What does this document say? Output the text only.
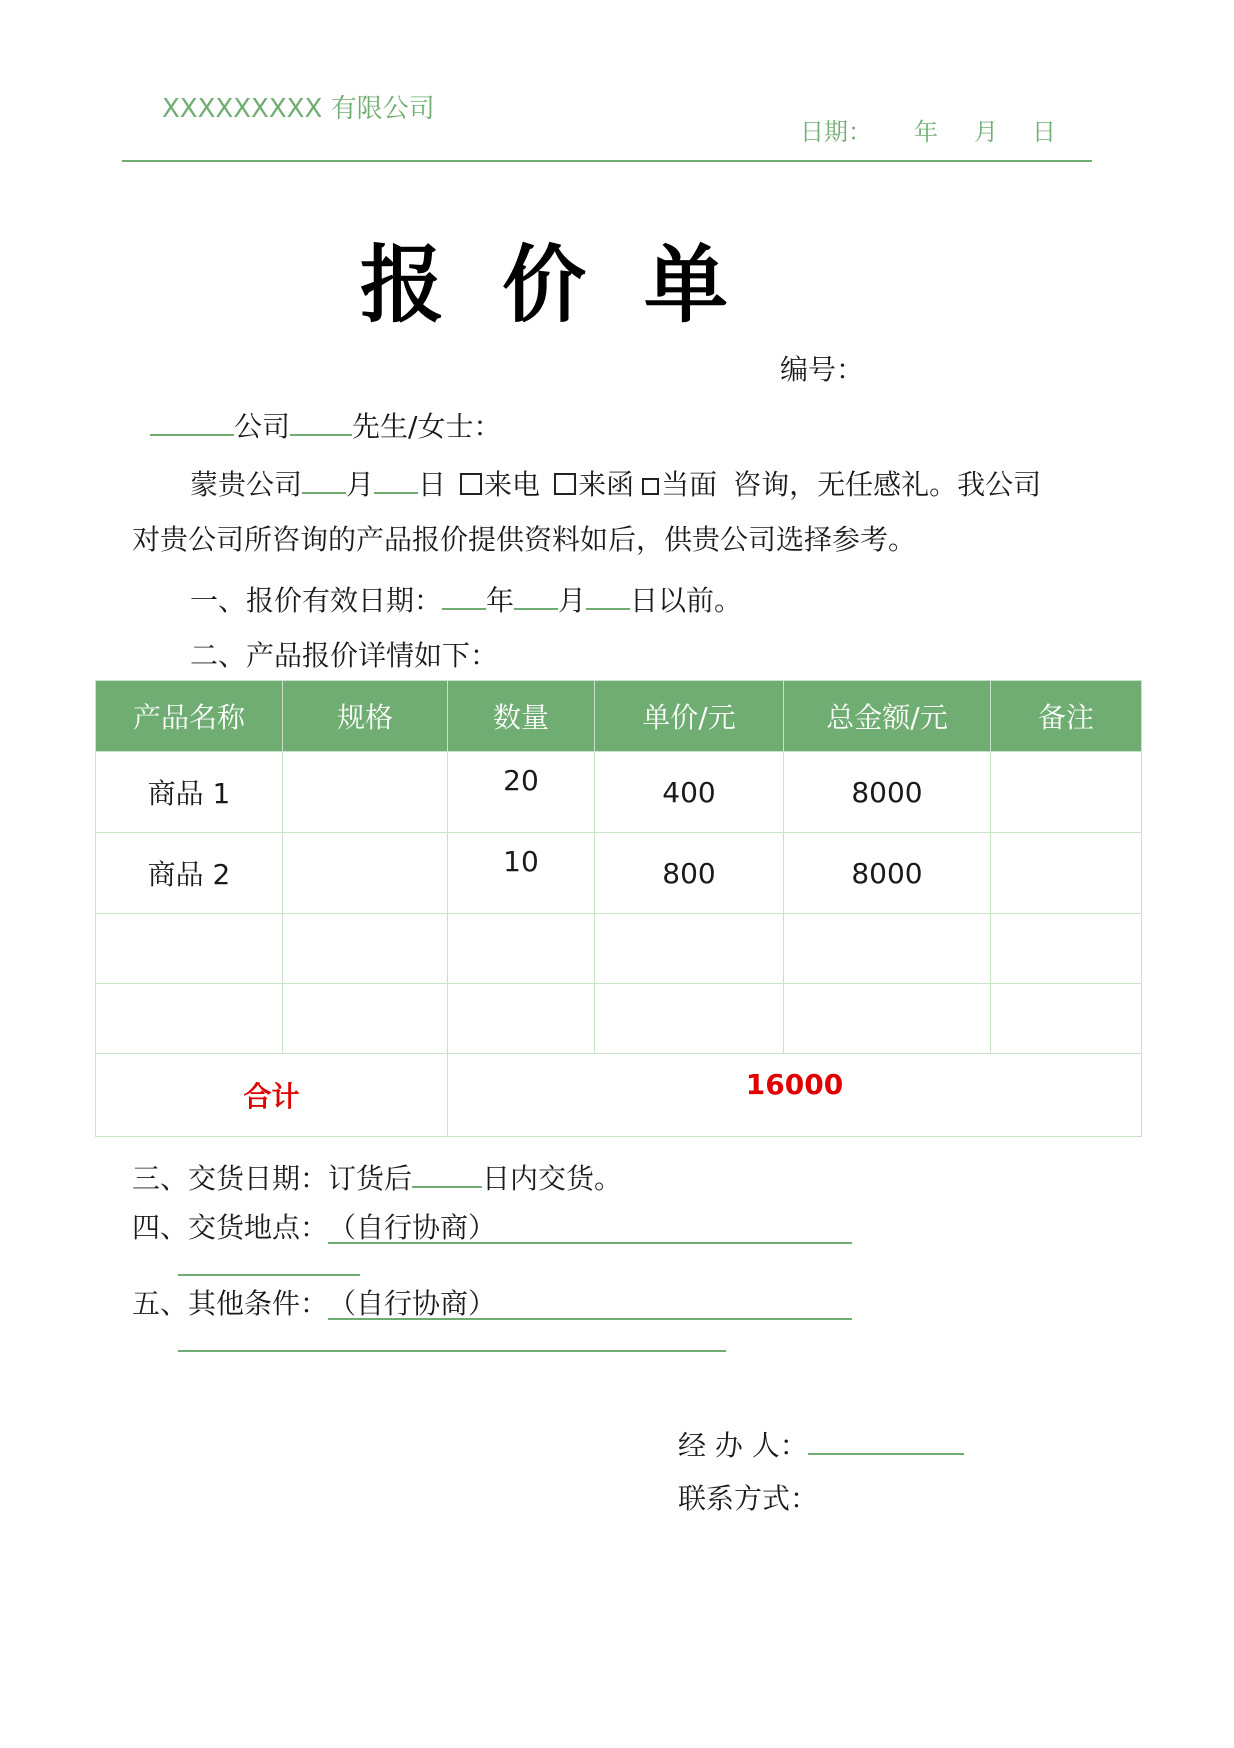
XXXXXXXXX 有限公司
日期： 年 月 日
报 价 单
编号：
公司 先生/女士：
蒙贵公司 月 日 来电 来函 当面 咨询，无任感礼。我公司
对贵公司所咨询的产品报价提供资料如后，供贵公司选择参考。
一、报价有效日期： 年 月 日以前。
二、产品报价详情如下：
产品名称	规格	数量	单价/元	总金额/元	备注
商品 1		20	400	8000	
商品 2		10	800	8000	

合计		16000			
三、交货日期：订货后	日内交货。
四、交货地点：（自行协商）
五、其他条件：（自行协商）
经 办 人：
联系方式：
